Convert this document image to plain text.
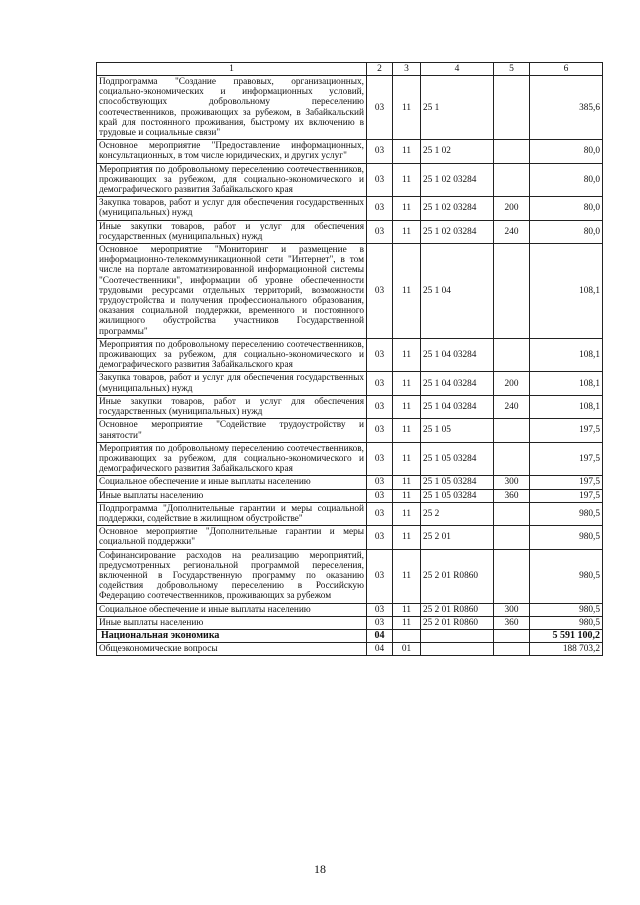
1	2	3	4	5	6
Подпрограмма "Создание правовых, организационных, социально-экономических и информационных условий, способствующих добровольному переселению соотечественников, проживающих за рубежом, в Забайкальский край для постоянного проживания, быстрому их включению в трудовые и социальные связи"	03	11	25 1		385,6
Основное мероприятие "Предоставление информационных, консультационных, в том числе юридических, и других услуг"	03	11	25 1 02		80,0
Мероприятия по добровольному переселению соотечественников, проживающих за рубежом, для социально-экономического и демографического развития Забайкальского края	03	11	25 1 02 03284		80,0
Закупка товаров, работ и услуг для обеспечения государственных (муниципальных) нужд	03	11	25 1 02 03284	200	80,0
Иные закупки товаров, работ и услуг для обеспечения государственных (муниципальных) нужд	03	11	25 1 02 03284	240	80,0
Основное мероприятие "Мониторинг и размещение в информационно-телекоммуникационной сети "Интернет", в том числе на портале автоматизированной информационной системы "Соотечественники", информации об уровне обеспеченности трудовыми ресурсами отдельных территорий, возможности трудоустройства и получения профессионального образования, оказания социальной поддержки, временного и постоянного жилищного обустройства участников Государственной программы"	03	11	25 1 04		108,1
Мероприятия по добровольному переселению соотечественников, проживающих за рубежом, для социально-экономического и демографического развития Забайкальского края	03	11	25 1 04 03284		108,1
Закупка товаров, работ и услуг для обеспечения государственных (муниципальных) нужд	03	11	25 1 04 03284	200	108,1
Иные закупки товаров, работ и услуг для обеспечения государственных (муниципальных) нужд	03	11	25 1 04 03284	240	108,1
Основное мероприятие "Содействие трудоустройству и занятости"	03	11	25 1 05		197,5
Мероприятия по добровольному переселению соотечественников, проживающих за рубежом, для социально-экономического и демографического развития Забайкальского края	03	11	25 1 05 03284		197,5
Социальное обеспечение и иные выплаты населению	03	11	25 1 05 03284	300	197,5
Иные выплаты населению	03	11	25 1 05 03284	360	197,5
Подпрограмма "Дополнительные гарантии и меры социальной поддержки, содействие в жилищном обустройстве"	03	11	25 2		980,5
Основное мероприятие "Дополнительные гарантии и меры социальной поддержки"	03	11	25 2 01		980,5
Софинансирование расходов на реализацию мероприятий, предусмотренных региональной программой переселения, включенной в Государственную программу по оказанию содействия добровольному переселению в Российскую Федерацию соотечественников, проживающих за рубежом	03	11	25 2 01 R0860		980,5
Социальное обеспечение и иные выплаты населению	03	11	25 2 01 R0860	300	980,5
Иные выплаты населению	03	11	25 2 01 R0860	360	980,5
Национальная экономика	04				5 591 100,2
Общеэкономические вопросы	04	01			188 703,2
18
